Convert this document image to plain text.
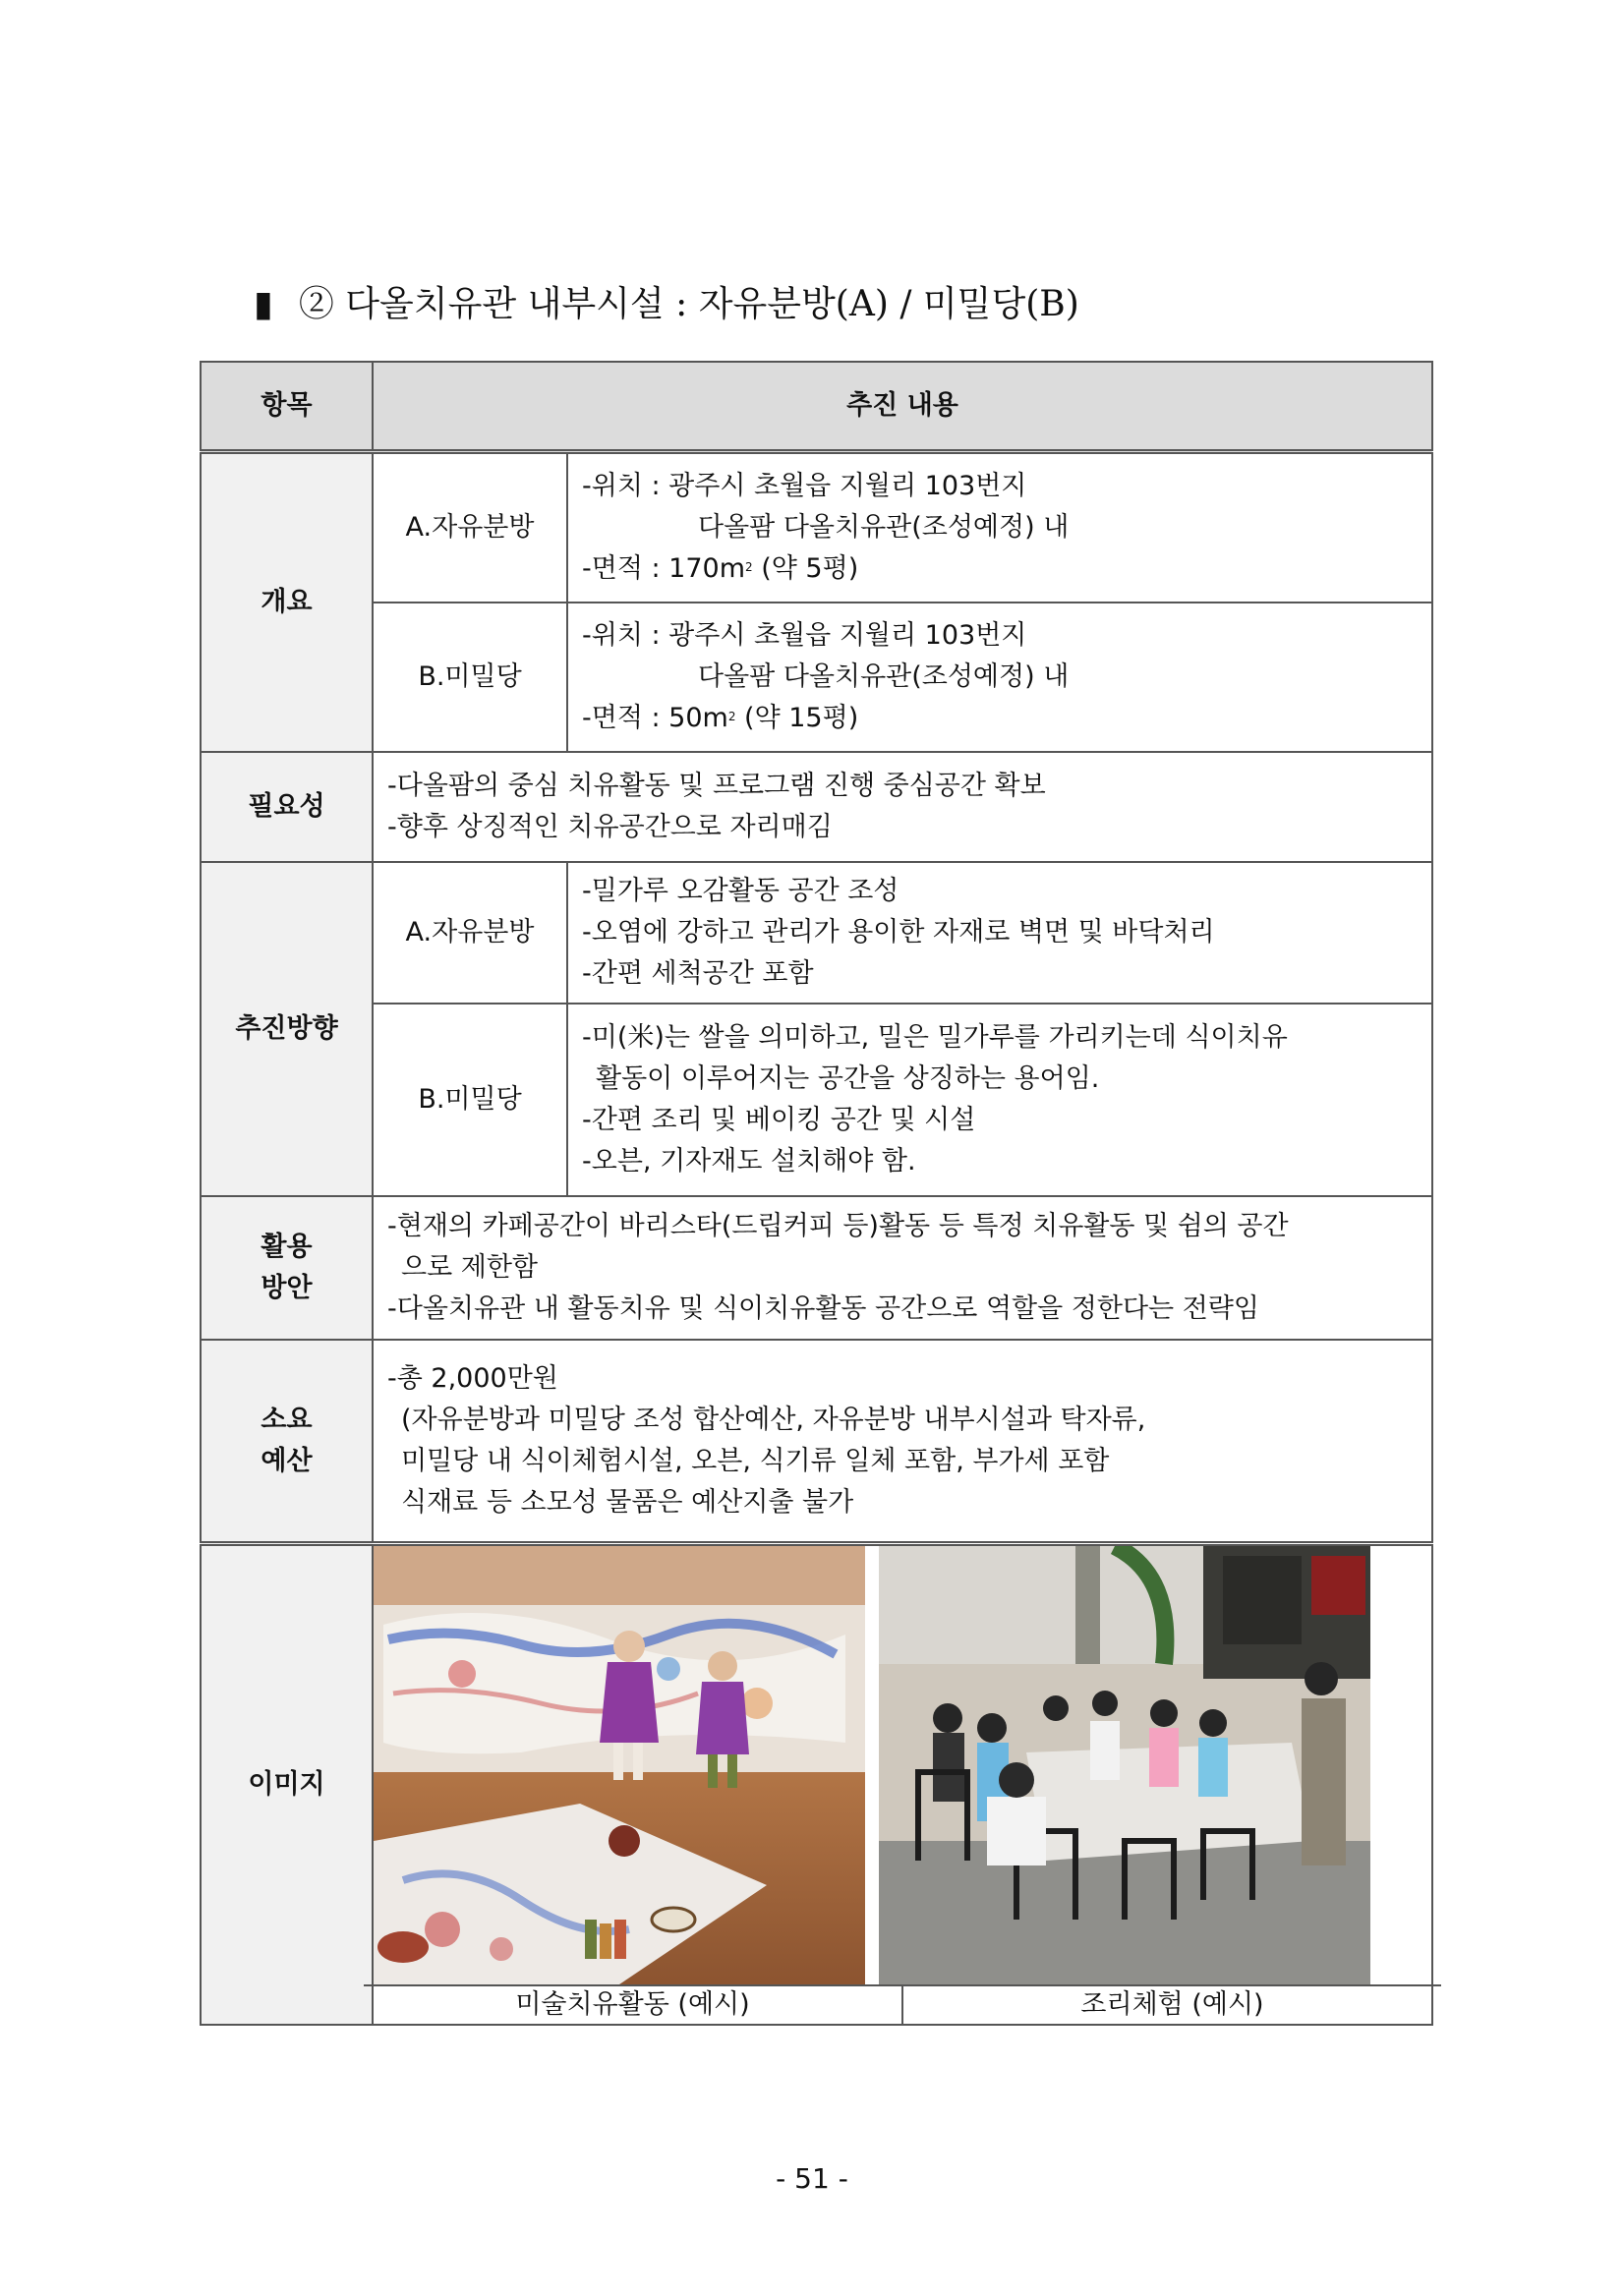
▮ ② 다올치유관 내부시설 : 자유분방(A) / 미밀당(B)
항목	추진 내용	
개요	A.자유분방	-위치 : 광주시 초월읍 지월리 103번지
다올팜 다올치유관(조성예정) 내
-면적 : $170m^2$ (약 5평)

	B.미밀당	-위치 : 광주시 초월읍 지월리 103번지
다올팜 다올치유관(조성예정) 내
-면적 : $50m^2$ (약 15평)

필요성	-다올팜의 중심 치유활동 및 프로그램 진행 중심공간 확보
-향후 상징적인 치유공간으로 자리매김	

추진방향	A.자유분방	-밀가루 오감활동 공간 조성
-오염에 강하고 관리가 용이한 자재로 벽면 및 바닥처리
-간편 세척공간 포함

	B.미밀당	-미(米)는 쌀을 의미하고, 밀은 밀가루를 가리키는데 식이치유
활동이 이루어지는 공간을 상징하는 용어임.
-간편 조리 및 베이킹 공간 및 시설
-오븐, 기자재도 설치해야 함.

활용
방안	-현재의 카페공간이 바리스타(드립커피 등)활동 등 특정 치유활동 및 쉼의 공간
으로 제한함
-다올치유관 내 활동치유 및 식이치유활동 공간으로 역할을 정한다는 전략임	

소요
예산	-총 2,000만원
(자유분방과 미밀당 조성 합산예산, 자유분방 내부시설과 탁자류,
미밀당 내 식이체험시설, 오븐, 식기류 일체 포함, 부가세 포함
식재료 등 소모성 물품은 예산지출 불가	

이미지	미술치유활동 (예시) 조리체험 (예시)	
- 51 -
